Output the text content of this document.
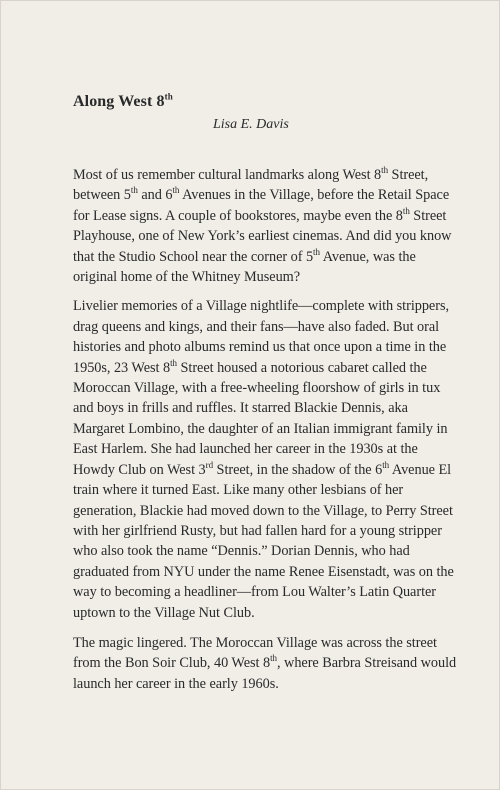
Along West 8th
Lisa E. Davis

Most of us remember cultural landmarks along West 8th Street, between 5th and 6th Avenues in the Village, before the Retail Space for Lease signs. A couple of bookstores, maybe even the 8th Street Playhouse, one of New York’s earliest cinemas. And did you know that the Studio School near the corner of 5th Avenue, was the original home of the Whitney Museum?

Livelier memories of a Village nightlife—complete with strippers, drag queens and kings, and their fans—have also faded. But oral histories and photo albums remind us that once upon a time in the 1950s, 23 West 8th Street housed a notorious cabaret called the Moroccan Village, with a free-wheeling floorshow of girls in tux and boys in frills and ruffles. It starred Blackie Dennis, aka Margaret Lombino, the daughter of an Italian immigrant family in East Harlem. She had launched her career in the 1930s at the Howdy Club on West 3rd Street, in the shadow of the 6th Avenue El train where it turned East. Like many other lesbians of her generation, Blackie had moved down to the Village, to Perry Street with her girlfriend Rusty, but had fallen hard for a young stripper who also took the name “Dennis.” Dorian Dennis, who had graduated from NYU under the name Renee Eisenstadt, was on the way to becoming a headliner—from Lou Walter’s Latin Quarter uptown to the Village Nut Club.

The magic lingered. The Moroccan Village was across the street from the Bon Soir Club, 40 West 8th, where Barbra Streisand would launch her career in the early 1960s.
